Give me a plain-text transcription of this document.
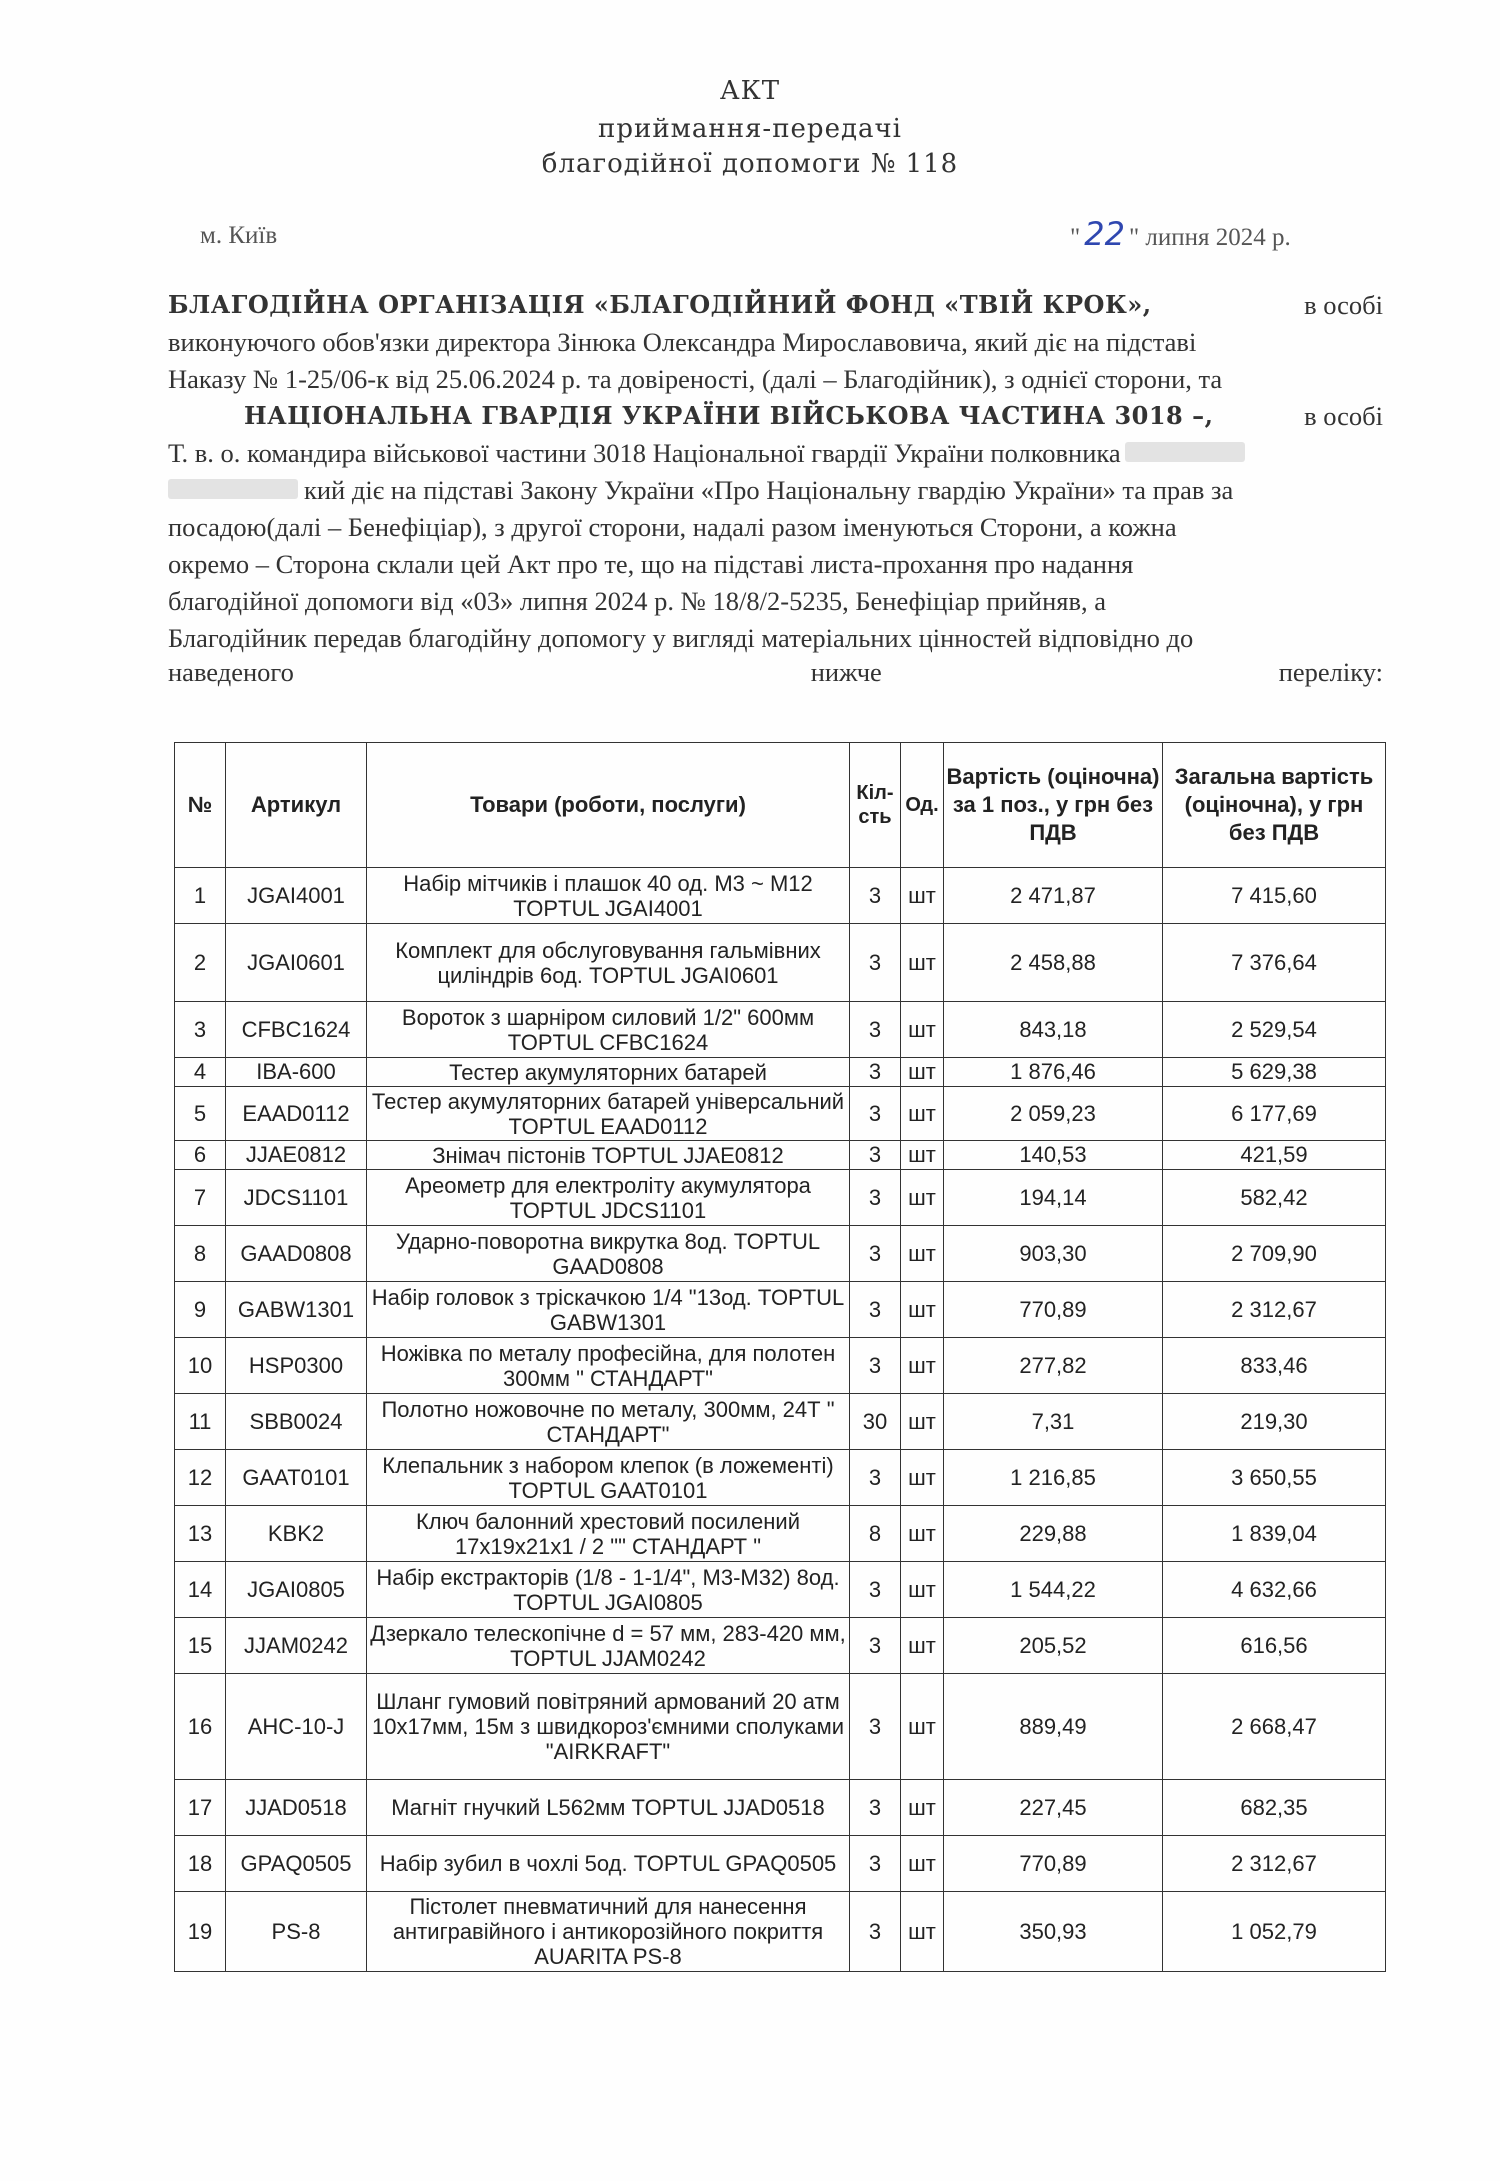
АКТ
приймання-передачі
благодійної допомоги № 118
м. Київ	" 22 " липня 2024 р.
БЛАГОДІЙНА ОРГАНІЗАЦІЯ «БЛАГОДІЙНИЙ ФОНД «ТВІЙ КРОК»,	в особі
виконуючого обов'язки директора Зінюка Олександра Мирославовича, який діє на підставі
Наказу № 1-25/06-к від 25.06.2024 р. та довіреності, (далі – Благодійник), з однієї сторони, та
НАЦІОНАЛЬНА ГВАРДІЯ УКРАЇНИ ВІЙСЬКОВА ЧАСТИНА 3018 –,	в особі
Т. в. о. командира військової частини 3018 Національної гвардії України полковника
кий діє на підставі Закону України «Про Національну гвардію України» та прав за
посадою(далі – Бенефіціар), з другої сторони, надалі разом іменуються Сторони, а кожна
окремо – Сторона склали цей Акт про те, що на підставі листа-прохання про надання
благодійної допомоги від «03» липня 2024 р. № 18/8/2-5235, Бенефіціар прийняв, а
Благодійник передав благодійну допомогу у вигляді матеріальних цінностей відповідно до
наведеного	нижче	переліку:
№	Артикул	Товари (роботи, послуги)	Кіл-сть	Од.	Вартість (оціночна) за 1 поз., у грн без ПДВ	Загальна вартість (оціночна), у грн без ПДВ
1	JGAI4001	Набір мітчиків і плашок 40 од. М3 ~ М12 TOPTUL JGAI4001	3	шт	2 471,87	7 415,60
2	JGAI0601	Комплект для обслуговування гальмівних циліндрів 6од. TOPTUL JGAI0601	3	шт	2 458,88	7 376,64
3	CFBC1624	Вороток з шарніром силовий 1/2" 600мм TOPTUL CFBC1624	3	шт	843,18	2 529,54
4	IBA-600	Тестер акумуляторних батарей	3	шт	1 876,46	5 629,38
5	EAAD0112	Тестер акумуляторних батарей універсальний TOPTUL EAAD0112	3	шт	2 059,23	6 177,69
6	JJAE0812	Знімач пістонів TOPTUL JJAE0812	3	шт	140,53	421,59
7	JDCS1101	Ареометр для електроліту акумулятора TOPTUL JDCS1101	3	шт	194,14	582,42
8	GAAD0808	Ударно-поворотна викрутка 8од. TOPTUL GAAD0808	3	шт	903,30	2 709,90
9	GABW1301	Набір головок з тріскачкою 1/4 "13од. TOPTUL GABW1301	3	шт	770,89	2 312,67
10	HSP0300	Ножівка по металу професійна, для полотен 300мм " СТАНДАРТ"	3	шт	277,82	833,46
11	SBB0024	Полотно ножовочне по металу, 300мм, 24Т " СТАНДАРТ"	30	шт	7,31	219,30
12	GAAT0101	Клепальник з набором клепок (в ложементі) TOPTUL GAAT0101	3	шт	1 216,85	3 650,55
13	KBK2	Ключ балонний хрестовий посилений 17х19х21х1 / 2 "" СТАНДАРТ "	8	шт	229,88	1 839,04
14	JGAI0805	Набір екстракторів (1/8 - 1-1/4", М3-М32) 8од. TOPTUL JGAI0805	3	шт	1 544,22	4 632,66
15	JJAM0242	Дзеркало телескопічне d = 57 мм, 283-420 мм, TOPTUL JJAM0242	3	шт	205,52	616,56
16	AHC-10-J	Шланг гумовий повітряний армований 20 атм 10х17мм, 15м з швидкороз'ємними сполуками "AIRKRAFT"	3	шт	889,49	2 668,47
17	JJAD0518	Магніт гнучкий L562мм TOPTUL JJAD0518	3	шт	227,45	682,35
18	GPAQ0505	Набір зубил в чохлі 5од. TOPTUL GPAQ0505	3	шт	770,89	2 312,67
19	PS-8	Пістолет пневматичний для нанесення антигравійного і антикорозійного покриття AUARITA PS-8	3	шт	350,93	1 052,79
